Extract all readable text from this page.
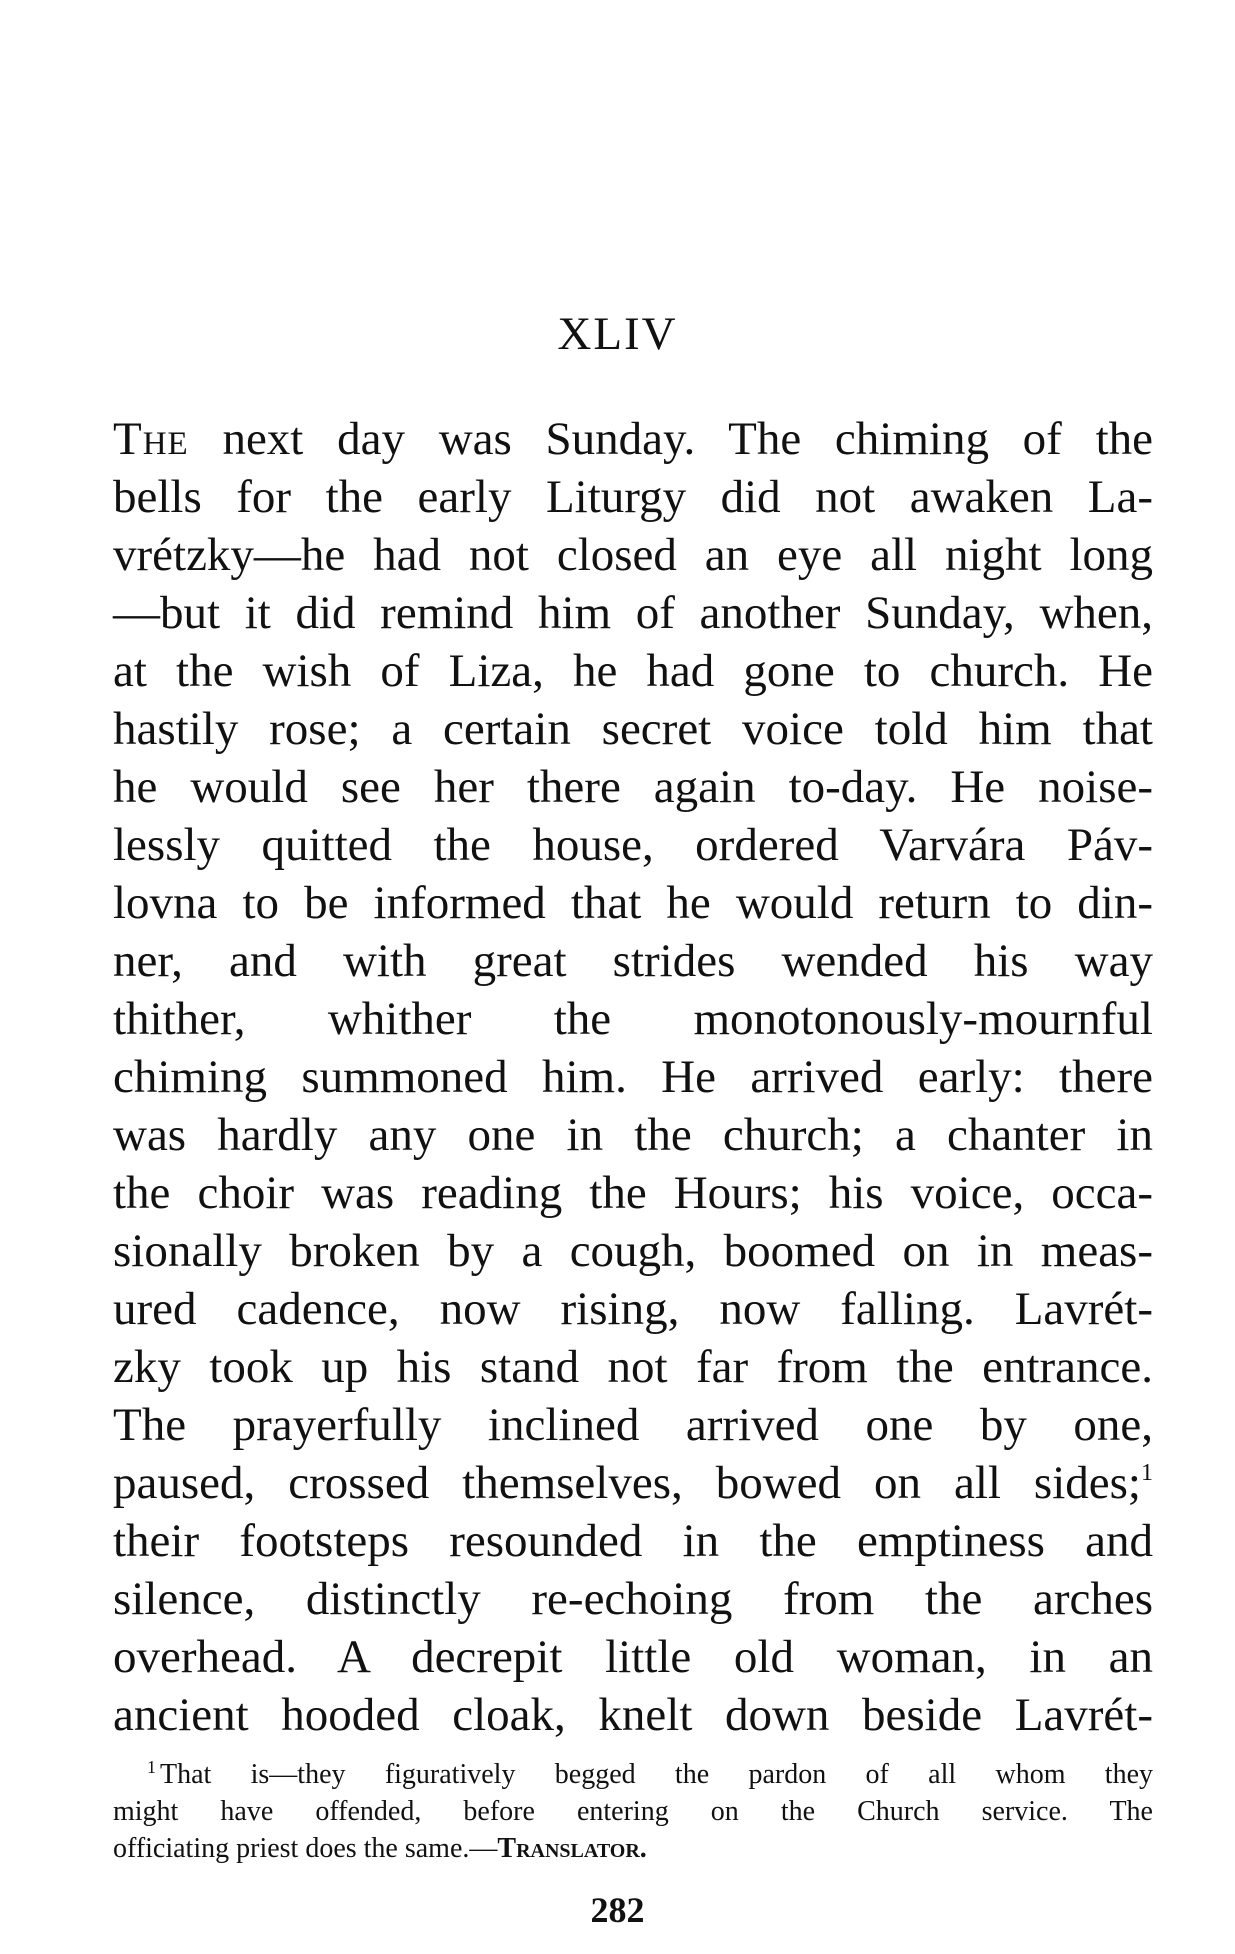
XLIV
The next day was Sunday. The chiming of the
bells for the early Liturgy did not awaken La-
vrétzky—he had not closed an eye all night long
—but it did remind him of another Sunday, when,
at the wish of Liza, he had gone to church. He
hastily rose; a certain secret voice told him that
he would see her there again to-day. He noise-
lessly quitted the house, ordered Varvára Páv-
lovna to be informed that he would return to din-
ner, and with great strides wended his way
thither, whither the monotonously-mournful
chiming summoned him. He arrived early: there
was hardly any one in the church; a chanter in
the choir was reading the Hours; his voice, occa-
sionally broken by a cough, boomed on in meas-
ured cadence, now rising, now falling. Lavrét-
zky took up his stand not far from the entrance.
The prayerfully inclined arrived one by one,
paused, crossed themselves, bowed on all sides;$^1$
their footsteps resounded in the emptiness and
silence, distinctly re-echoing from the arches
overhead. A decrepit little old woman, in an
ancient hooded cloak, knelt down beside Lavrét-
$^1$ That is—they figuratively begged the pardon of all whom they
might have offended, before entering on the Church service. The
officiating priest does the same.—Translator.
282
